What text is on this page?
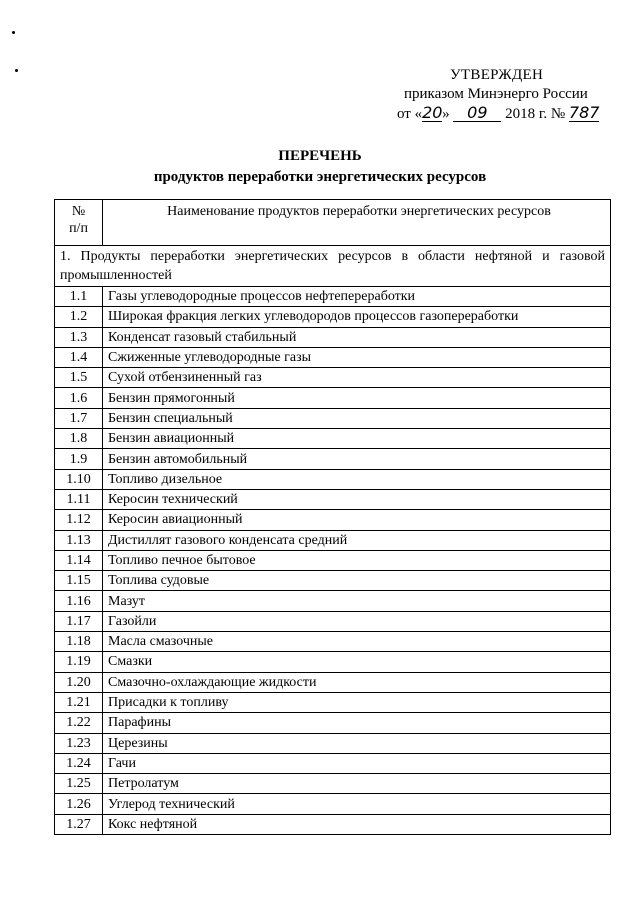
УТВЕРЖДЕН
приказом Минэнерго России
от «20» 09 2018 г. № 787
ПЕРЕЧЕНЬ
продуктов переработки энергетических ресурсов
№
п/п	Наименование продуктов переработки энергетических ресурсов
1. Продукты переработки энергетических ресурсов в области нефтяной и газовой промышленностей	
1.1	Газы углеводородные процессов нефтепереработки
1.2	Широкая фракция легких углеводородов процессов газопереработки
1.3	Конденсат газовый стабильный
1.4	Сжиженные углеводородные газы
1.5	Сухой отбензиненный газ
1.6	Бензин прямогонный
1.7	Бензин специальный
1.8	Бензин авиационный
1.9	Бензин автомобильный
1.10	Топливо дизельное
1.11	Керосин технический
1.12	Керосин авиационный
1.13	Дистиллят газового конденсата средний
1.14	Топливо печное бытовое
1.15	Топлива судовые
1.16	Мазут
1.17	Газойли
1.18	Масла смазочные
1.19	Смазки
1.20	Смазочно-охлаждающие жидкости
1.21	Присадки к топливу
1.22	Парафины
1.23	Церезины
1.24	Гачи
1.25	Петролатум
1.26	Углерод технический
1.27	Кокс нефтяной
